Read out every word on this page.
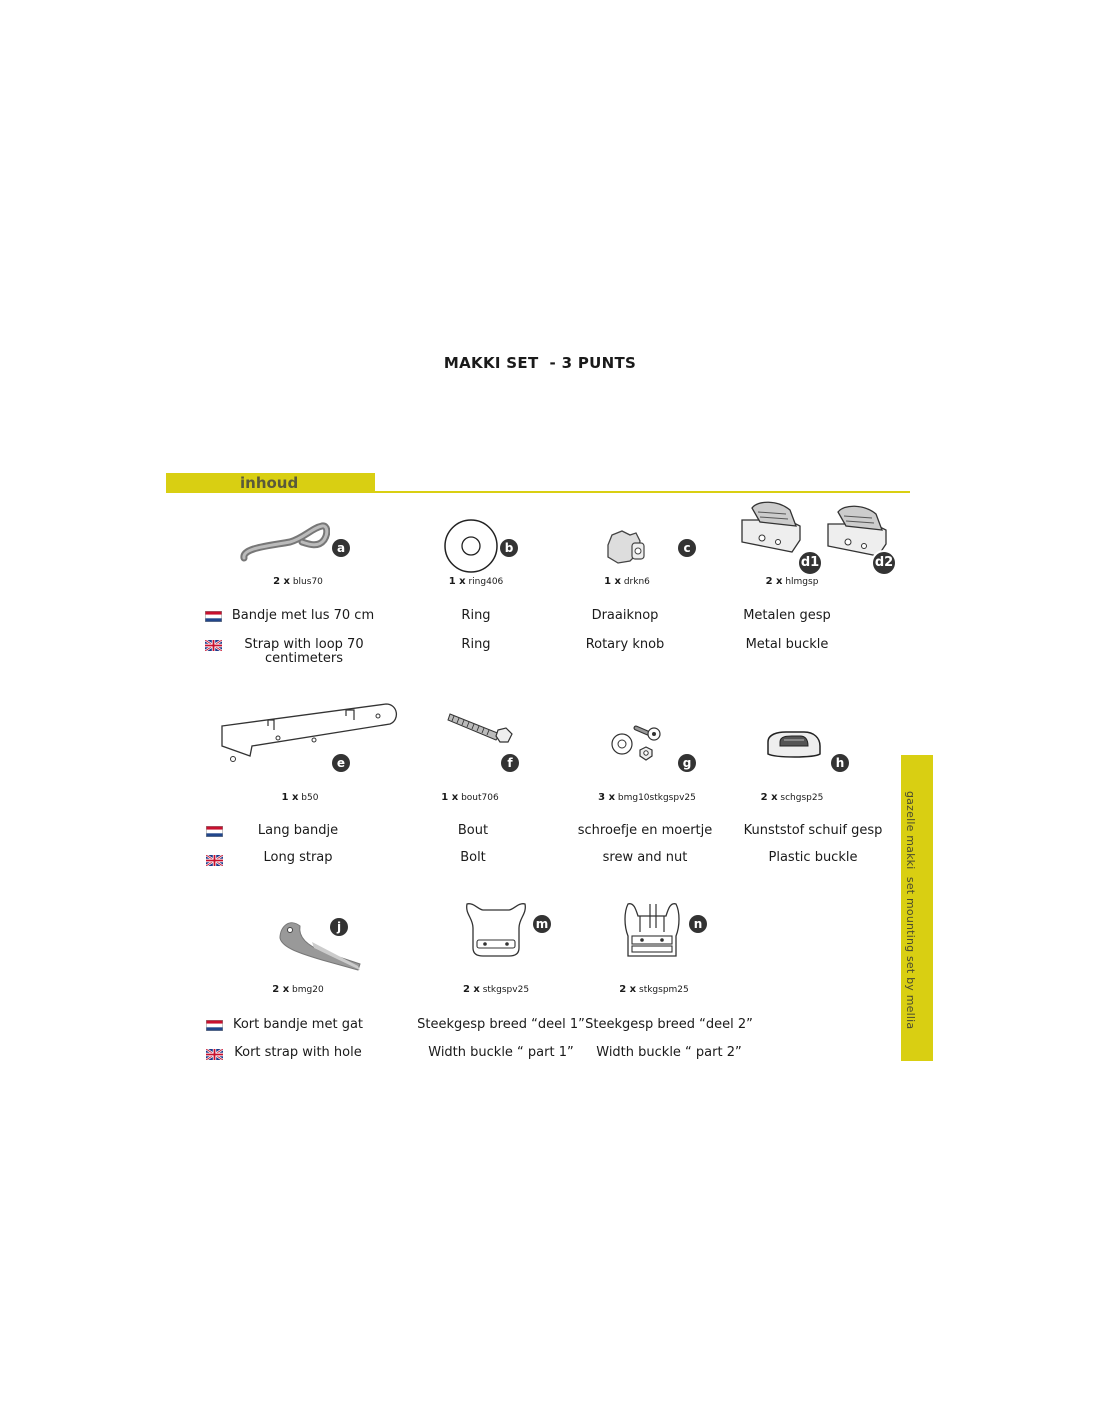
MAKKI SET  - 3 PUNTS
inhoud
gazelle makki  set mounting set by mellia
a
2 x blus70
b
1 x ring406
c
1 x drkn6
d1	d2
2 x hlmgsp
Bandje met lus 70 cm
Strap with loop 70 centimeters
Ring
Ring
Draaiknop
Rotary knob
Metalen gesp
Metal buckle
e
1 x b50
f
1 x bout706
g
3 x bmg10stkgspv25
h
2 x schgsp25
Lang bandje
Long strap
Bout
Bolt
schroefje en moertje
srew and nut
Kunststof schuif gesp
Plastic buckle
j
2 x bmg20
m
2 x stkgspv25
n
2 x stkgspm25
Kort bandje met gat
Kort strap with hole
Steekgesp breed “deel 1”
Width buckle “ part 1”
Steekgesp breed “deel 2”
Width buckle “ part 2”
